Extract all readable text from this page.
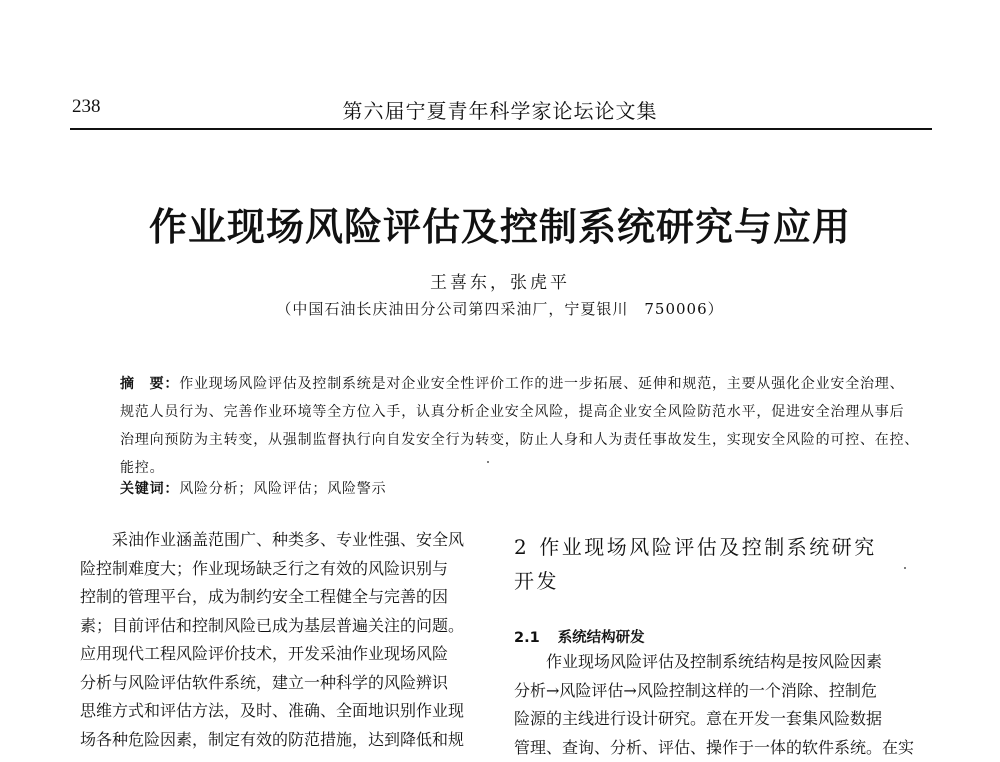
238	第六届宁夏青年科学家论坛论文集
作业现场风险评估及控制系统研究与应用
王喜东，张虎平
（中国石油长庆油田分公司第四采油厂，宁夏银川　750006）
摘　要：作业现场风险评估及控制系统是对企业安全性评价工作的进一步拓展、延伸和规范，主要从强化企业安全治理、
规范人员行为、完善作业环境等全方位入手，认真分析企业安全风险，提高企业安全风险防范水平，促进安全治理从事后
治理向预防为主转变，从强制监督执行向自发安全行为转变，防止人身和人为责任事故发生，实现安全风险的可控、在控、
能控。
关键词：风险分析；风险评估；风险警示
　　采油作业涵盖范围广、种类多、专业性强、安全风
险控制难度大；作业现场缺乏行之有效的风险识别与
控制的管理平台，成为制约安全工程健全与完善的因
素；目前评估和控制风险已成为基层普遍关注的问题。
应用现代工程风险评价技术，开发采油作业现场风险
分析与风险评估软件系统，建立一种科学的风险辨识
思维方式和评估方法，及时、准确、全面地识别作业现
场各种危险因素，制定有效的防范措施，达到降低和规
2 作业现场风险评估及控制系统研究
开发
2.1 系统结构研发
　　作业现场风险评估及控制系统结构是按风险因素
分析→风险评估→风险控制这样的一个消除、控制危
险源的主线进行设计研究。意在开发一套集风险数据
管理、查询、分析、评估、操作于一体的软件系统。在实
